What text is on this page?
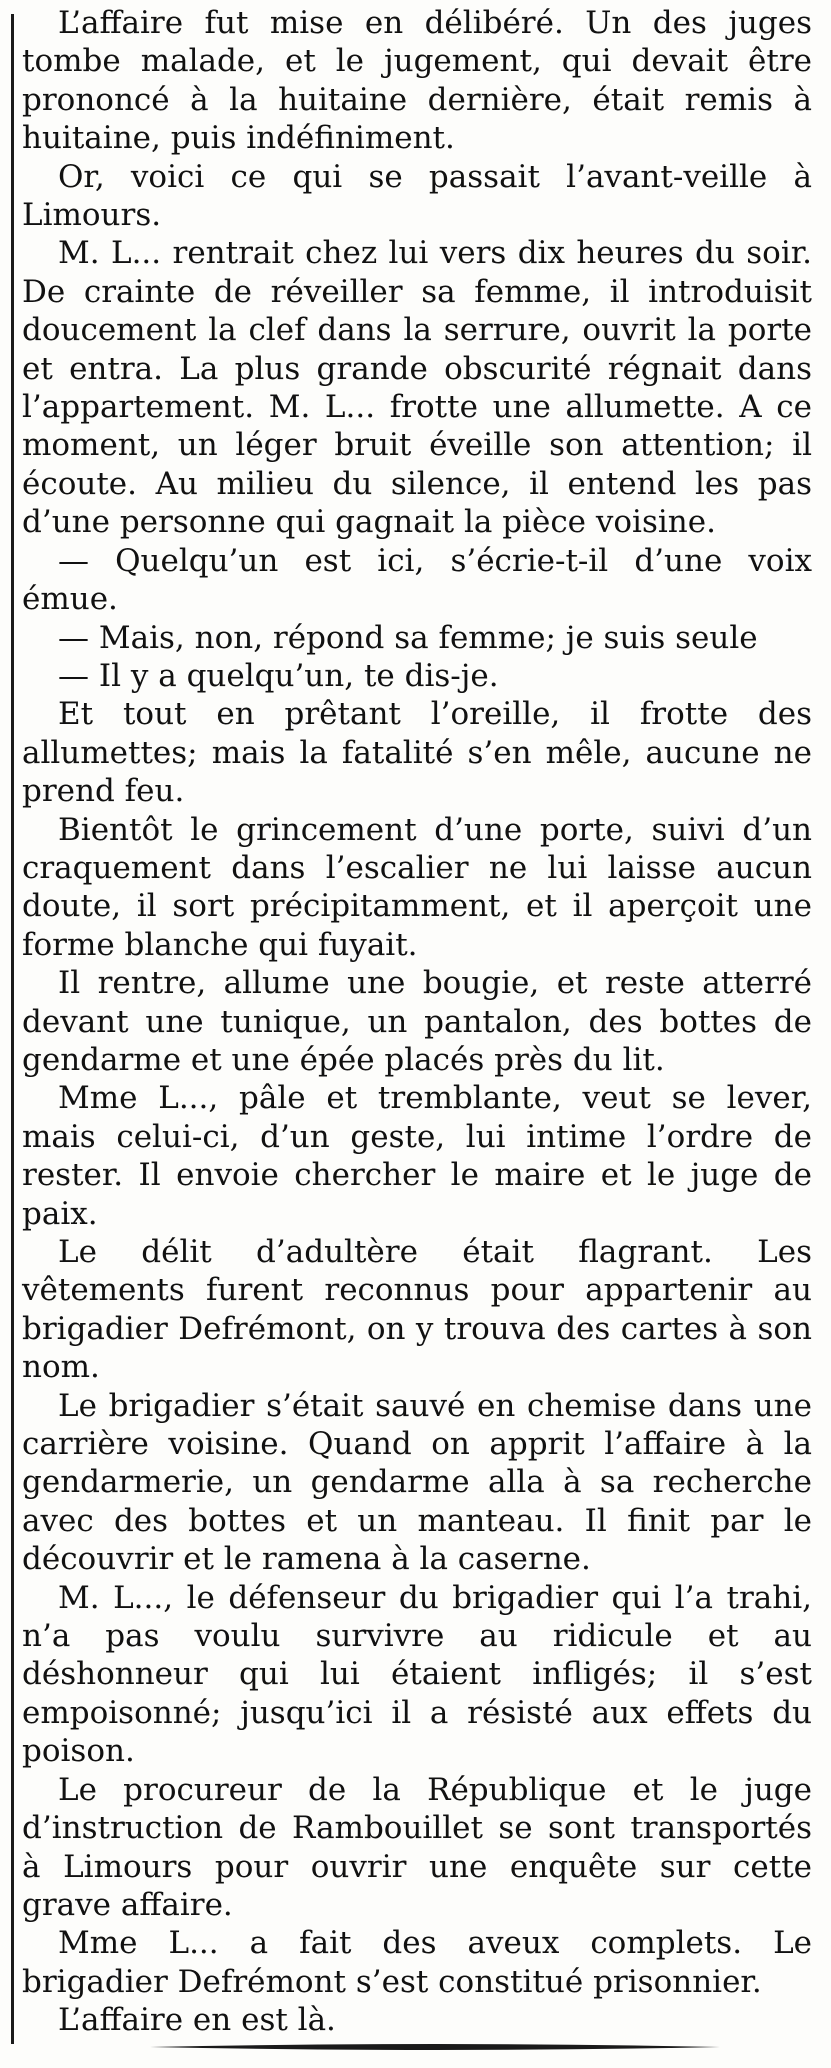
L’affaire fut mise en délibéré. Un des juges tombe malade, et le jugement, qui devait être prononcé à la huitaine dernière, était remis à huitaine, puis indéfiniment.

Or, voici ce qui se passait l’avant-veille à Limours.

M. L... rentrait chez lui vers dix heures du soir. De crainte de réveiller sa femme, il introduisit doucement la clef dans la serrure, ouvrit la porte et entra. La plus grande obscurité régnait dans l’appartement. M. L... frotte une allumette. A ce moment, un léger bruit éveille son attention; il écoute. Au milieu du silence, il entend les pas d’une personne qui gagnait la pièce voisine.

— Quelqu’un est ici, s’écrie-t-il d’une voix émue.

— Mais, non, répond sa femme; je suis seule

— Il y a quelqu’un, te dis-je.

Et tout en prêtant l’oreille, il frotte des allumettes; mais la fatalité s’en mêle, aucune ne prend feu.

Bientôt le grincement d’une porte, suivi d’un craquement dans l’escalier ne lui laisse aucun doute, il sort précipitamment, et il aperçoit une forme blanche qui fuyait.

Il rentre, allume une bougie, et reste atterré devant une tunique, un pantalon, des bottes de gendarme et une épée placés près du lit.

Mme L..., pâle et tremblante, veut se lever, mais celui-ci, d’un geste, lui intime l’ordre de rester. Il envoie chercher le maire et le juge de paix.

Le délit d’adultère était flagrant. Les vêtements furent reconnus pour appartenir au brigadier Defrémont, on y trouva des cartes à son nom.

Le brigadier s’était sauvé en chemise dans une carrière voisine. Quand on apprit l’affaire à la gendarmerie, un gendarme alla à sa recherche avec des bottes et un manteau. Il finit par le découvrir et le ramena à la caserne.

M. L..., le défenseur du brigadier qui l’a trahi, n’a pas voulu survivre au ridicule et au déshonneur qui lui étaient infligés; il s’est empoisonné; jusqu’ici il a résisté aux effets du poison.

Le procureur de la République et le juge d’instruction de Rambouillet se sont transportés à Limours pour ouvrir une enquête sur cette grave affaire.

Mme L... a fait des aveux complets. Le brigadier Defrémont s’est constitué prisonnier.

L’affaire en est là.
